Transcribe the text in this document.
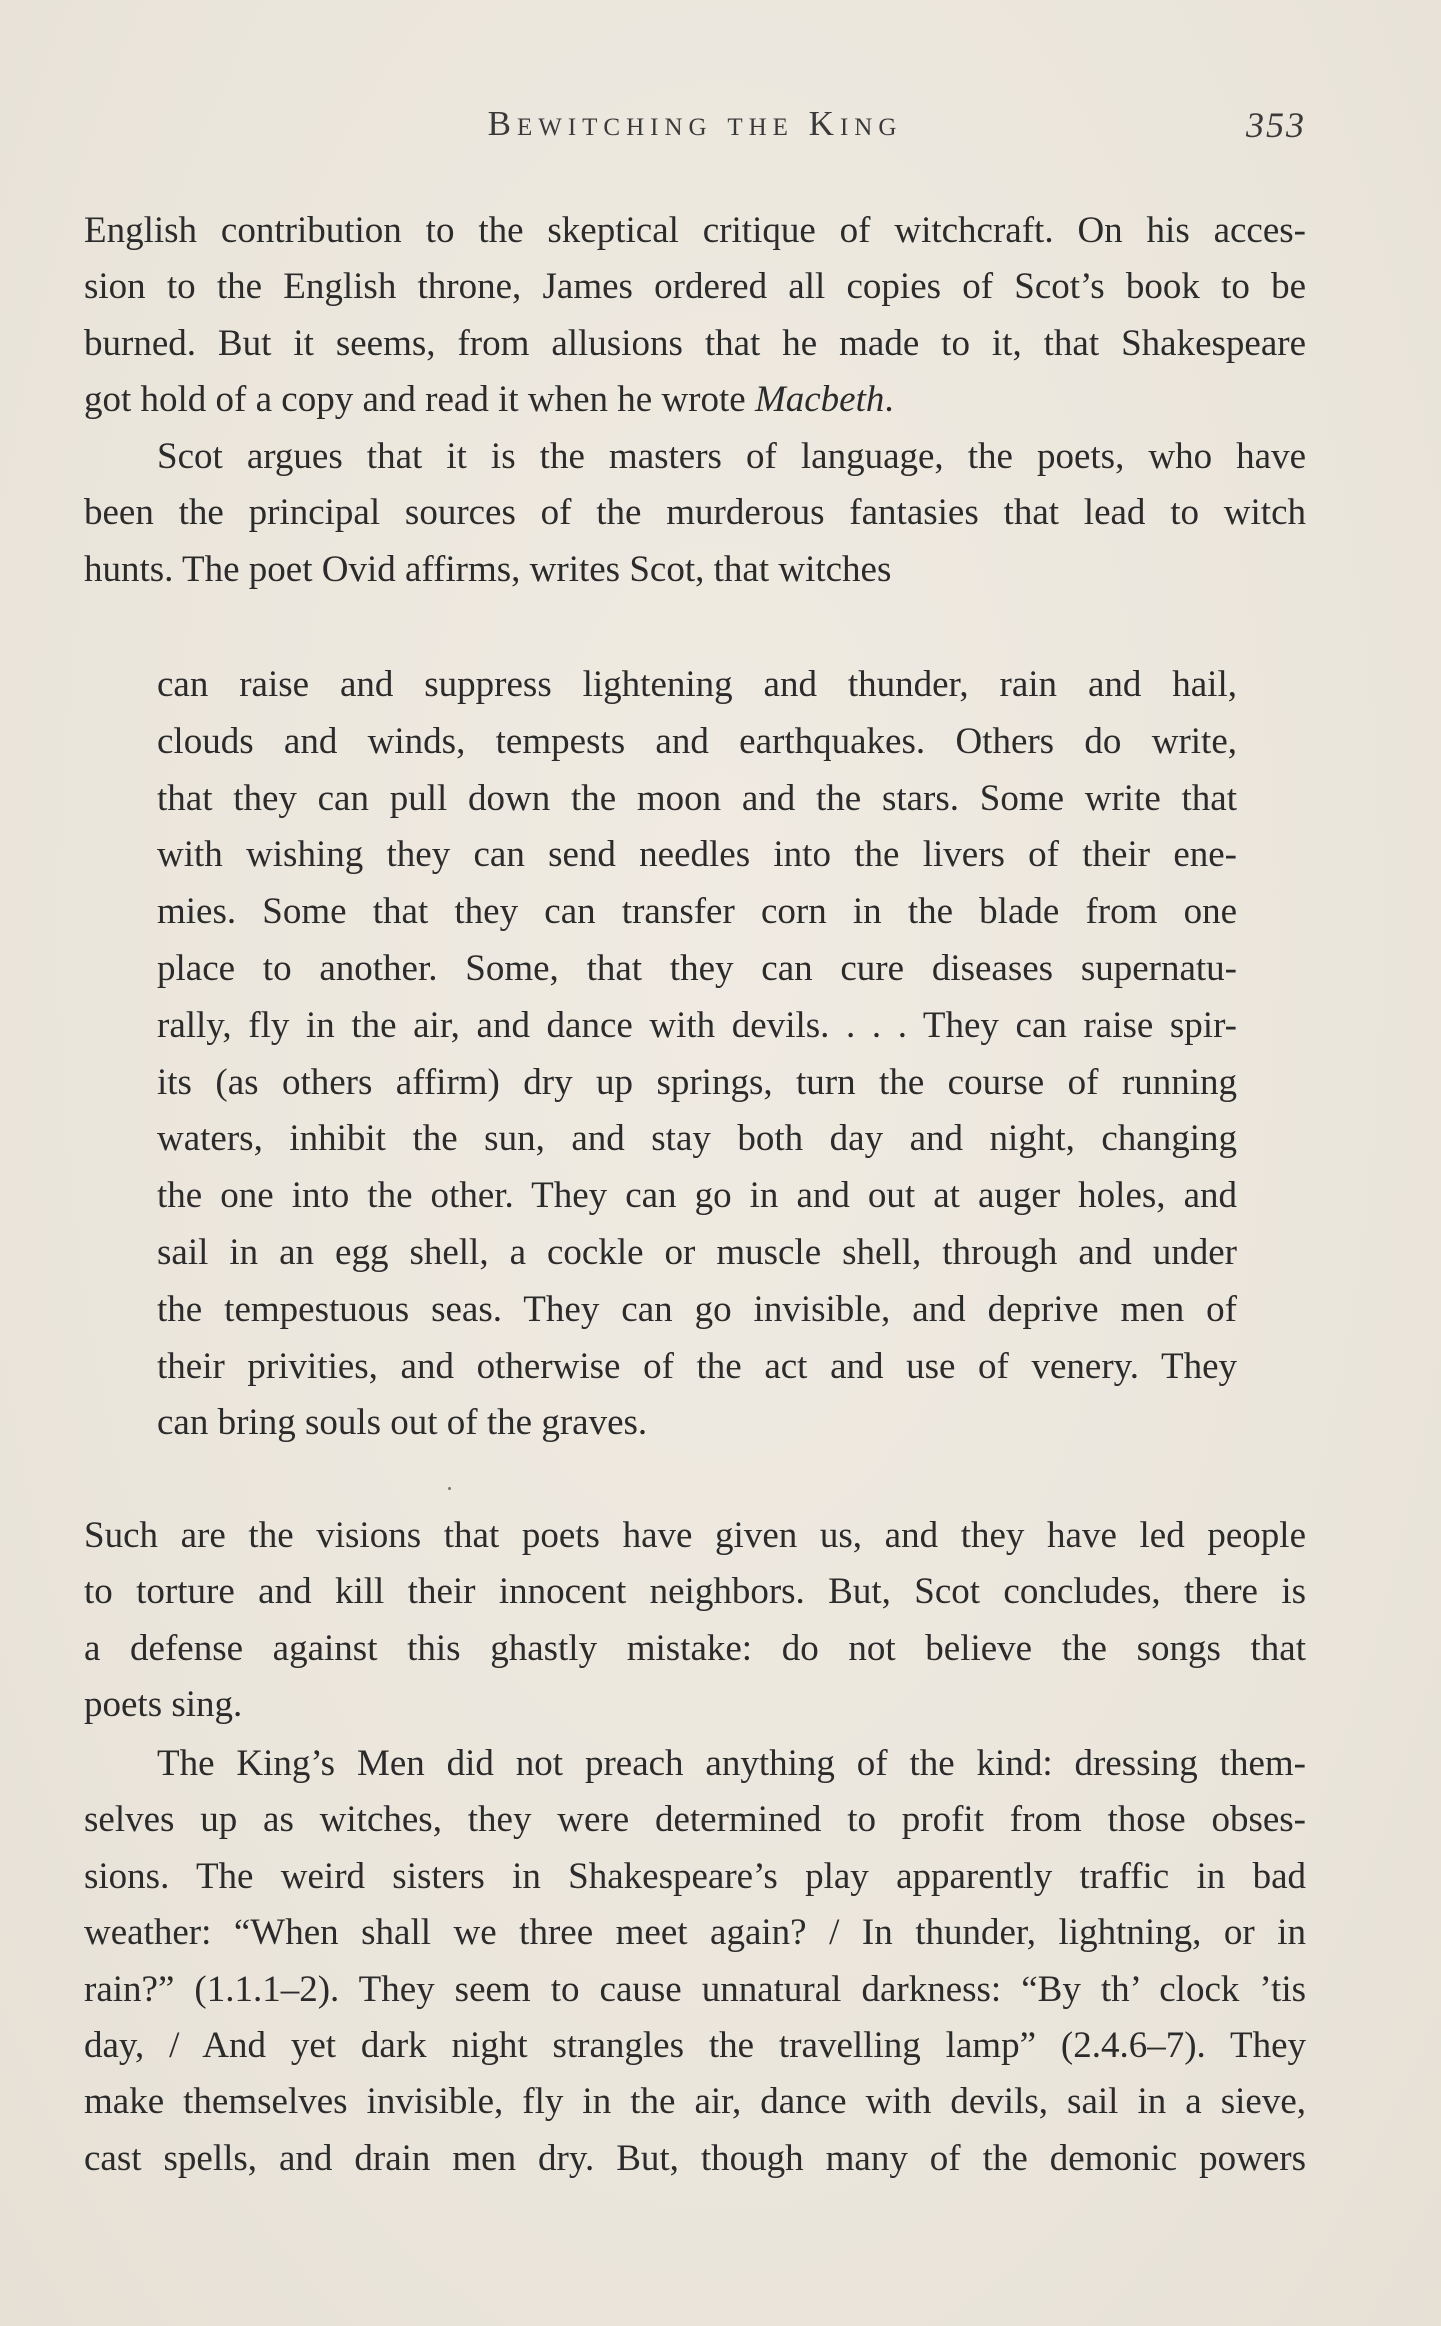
Bewitching the King	353
English contribution to the skeptical critique of witchcraft. On his acces-
sion to the English throne, James ordered all copies of Scot’s book to be
burned. But it seems, from allusions that he made to it, that Shakespeare
got hold of a copy and read it when he wrote Macbeth.
Scot argues that it is the masters of language, the poets, who have
been the principal sources of the murderous fantasies that lead to witch
hunts. The poet Ovid affirms, writes Scot, that witches
can raise and suppress lightening and thunder, rain and hail,
clouds and winds, tempests and earthquakes. Others do write,
that they can pull down the moon and the stars. Some write that
with wishing they can send needles into the livers of their ene-
mies. Some that they can transfer corn in the blade from one
place to another. Some, that they can cure diseases supernatu-
rally, fly in the air, and dance with devils. . . . They can raise spir-
its (as others affirm) dry up springs, turn the course of running
waters, inhibit the sun, and stay both day and night, changing
the one into the other. They can go in and out at auger holes, and
sail in an egg shell, a cockle or muscle shell, through and under
the tempestuous seas. They can go invisible, and deprive men of
their privities, and otherwise of the act and use of venery. They
can bring souls out of the graves.
Such are the visions that poets have given us, and they have led people
to torture and kill their innocent neighbors. But, Scot concludes, there is
a defense against this ghastly mistake: do not believe the songs that
poets sing.
The King’s Men did not preach anything of the kind: dressing them-
selves up as witches, they were determined to profit from those obses-
sions. The weird sisters in Shakespeare’s play apparently traffic in bad
weather: “When shall we three meet again? / In thunder, lightning, or in
rain?” (1.1.1–2). They seem to cause unnatural darkness: “By th’ clock ’tis
day, / And yet dark night strangles the travelling lamp” (2.4.6–7). They
make themselves invisible, fly in the air, dance with devils, sail in a sieve,
cast spells, and drain men dry. But, though many of the demonic powers
